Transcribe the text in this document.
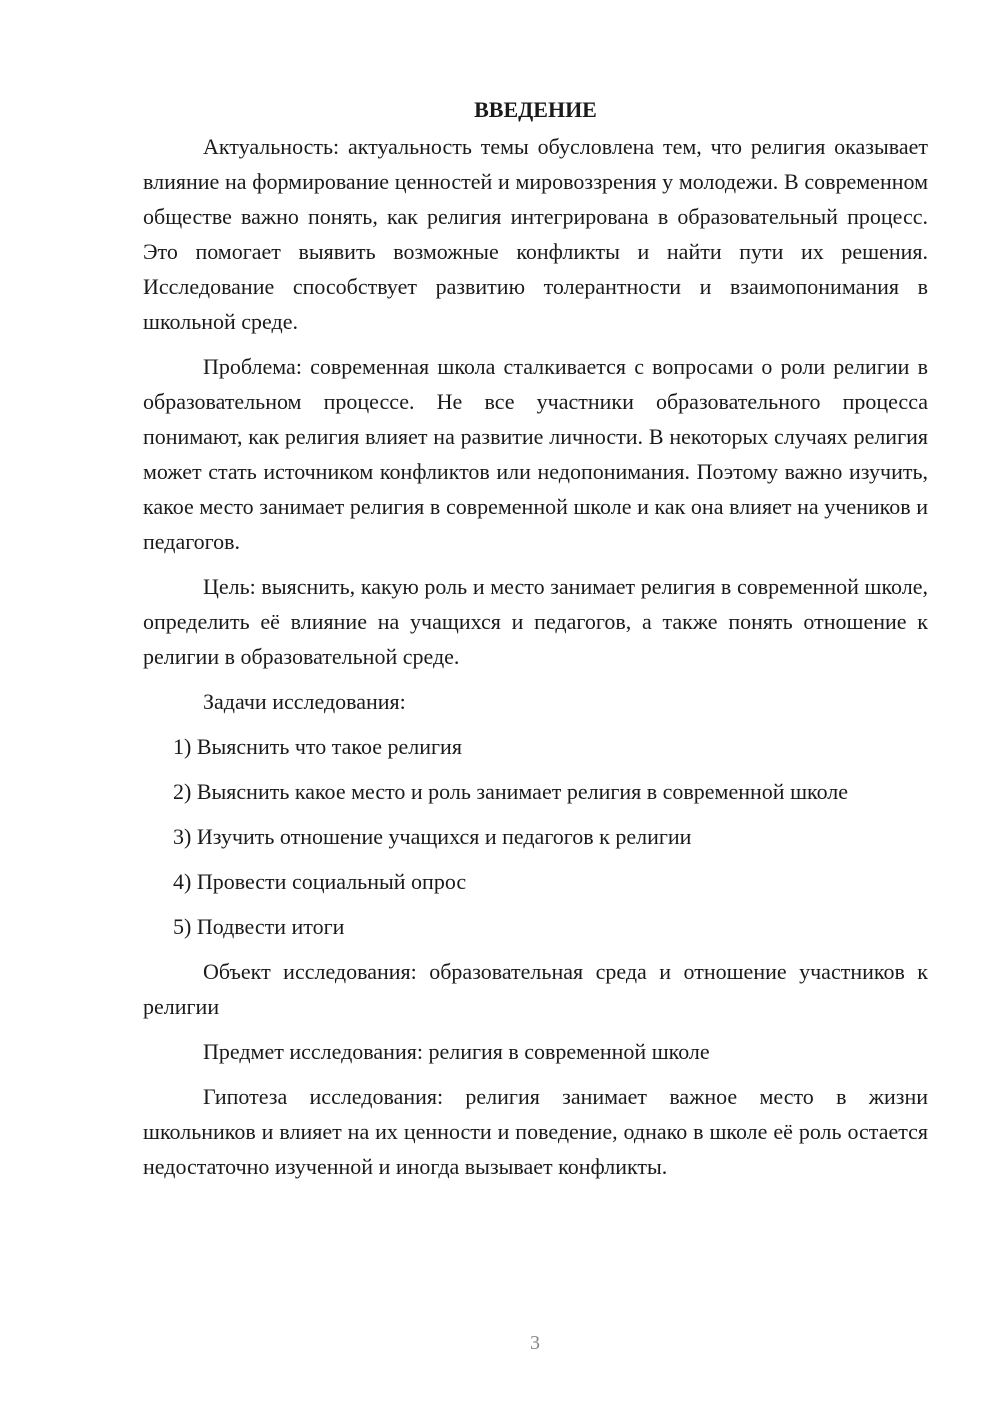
ВВЕДЕНИЕ

Актуальность: актуальность темы обусловлена тем, что религия оказывает влияние на формирование ценностей и мировоззрения у молодежи. В современном обществе важно понять, как религия интегрирована в образовательный процесс. Это помогает выявить возможные конфликты и найти пути их решения. Исследование способствует развитию толерантности и взаимопонимания в школьной среде.

Проблема: современная школа сталкивается с вопросами о роли религии в образовательном процессе. Не все участники образовательного процесса понимают, как религия влияет на развитие личности. В некоторых случаях религия может стать источником конфликтов или недопонимания. Поэтому важно изучить, какое место занимает религия в современной школе и как она влияет на учеников и педагогов.

Цель: выяснить, какую роль и место занимает религия в современной школе, определить её влияние на учащихся и педагогов, а также понять отношение к религии в образовательной среде.

Задачи исследования:

1) Выяснить что такое религия

2) Выяснить какое место и роль занимает религия в современной школе

3) Изучить отношение учащихся и педагогов к религии

4) Провести социальный опрос

5) Подвести итоги

Объект исследования: образовательная среда и отношение участников к религии

Предмет исследования: религия в современной школе

Гипотеза исследования: религия занимает важное место в жизни школьников и влияет на их ценности и поведение, однако в школе её роль остается недостаточно изученной и иногда вызывает конфликты.

3
